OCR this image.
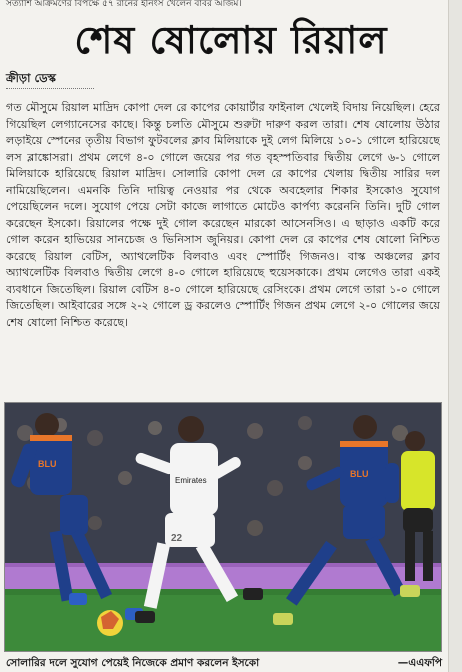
সত্যার্শি আক্রমণের বিপক্ষে ৫৭ রানের ইনিংস খেলেন বাবর আজম।
শেষ ষোলোয় রিয়াল
ক্রীড়া ডেস্ক

গত মৌসুমে রিয়াল মাদ্রিদ কোপা দেল রে কাপের কোয়ার্টার ফাইনাল খেলেই বিদায় নিয়েছিল। হেরে গিয়েছিল লেগ্যানেসের কাছে। কিন্তু চলতি মৌসুমে শুরুটা দারুণ করল তারা। শেষ ষোলোয় উঠার লড়াইয়ে স্পেনের তৃতীয় বিভাগ ফুটবলের ক্লাব মিলিয়াকে দুই লেগ মিলিয়ে ১০-১ গোলে হারিয়েছে লস ব্লাঙ্কোসরা। প্রথম লেগে ৪-০ গোলে জয়ের পর গত বৃহস্পতিবার দ্বিতীয় লেগে ৬-১ গোলে মিলিয়াকে হারিয়েছে রিয়াল মাদ্রিদ। সোলারি কোপা দেল রে কাপের খেলায় দ্বিতীয় সারির দল নামিয়েছিলেন। এমনকি তিনি দায়িত্ব নেওয়ার পর থেকে অবহেলার শিকার ইসকোও সুযোগ পেয়েছিলেন দলে। সুযোগ পেয়ে সেটা কাজে লাগাতে মোটেও কার্পণ্য করেননি তিনি। দুটি গোল করেছেন ইসকো। রিয়ালের পক্ষে দুই গোল করেছেন মারকো আসেনসিও। এ ছাড়াও একটি করে গোল করেন হাভিয়ের সানচেজ ও ভিনিসাস জুনিয়র। কোপা দেল রে কাপের শেষ ষোলো নিশ্চিত করেছে রিয়াল বেটিস, অ্যাথলেটিক বিলবাও এবং স্পোর্টিং গিজনও। বাস্ক অঞ্চলের ক্লাব অ্যাথলেটিক বিলবাও দ্বিতীয় লেগে ৪-০ গোলে হারিয়েছে হুয়েসকাকে। প্রথম লেগেও তারা একই ব্যবধানে জিতেছিল। রিয়াল বেটিস ৪-০ গোলে হারিয়েছে রেসিংকে। প্রথম লেগে তারা ১-০ গোলে জিতেছিল। আইবারের সঙ্গে ২-২ গোলে ড্র করলেও স্পোর্টিং গিজন প্রথম লেগে ২-০ গোলের জয়ে শেষ ষোলো নিশ্চিত করেছে।

BLU
Emirates
22
BLU
সোলারির দলে সুযোগ পেয়েই নিজেকে প্রমাণ করলেন ইসকো	—এএফপি
